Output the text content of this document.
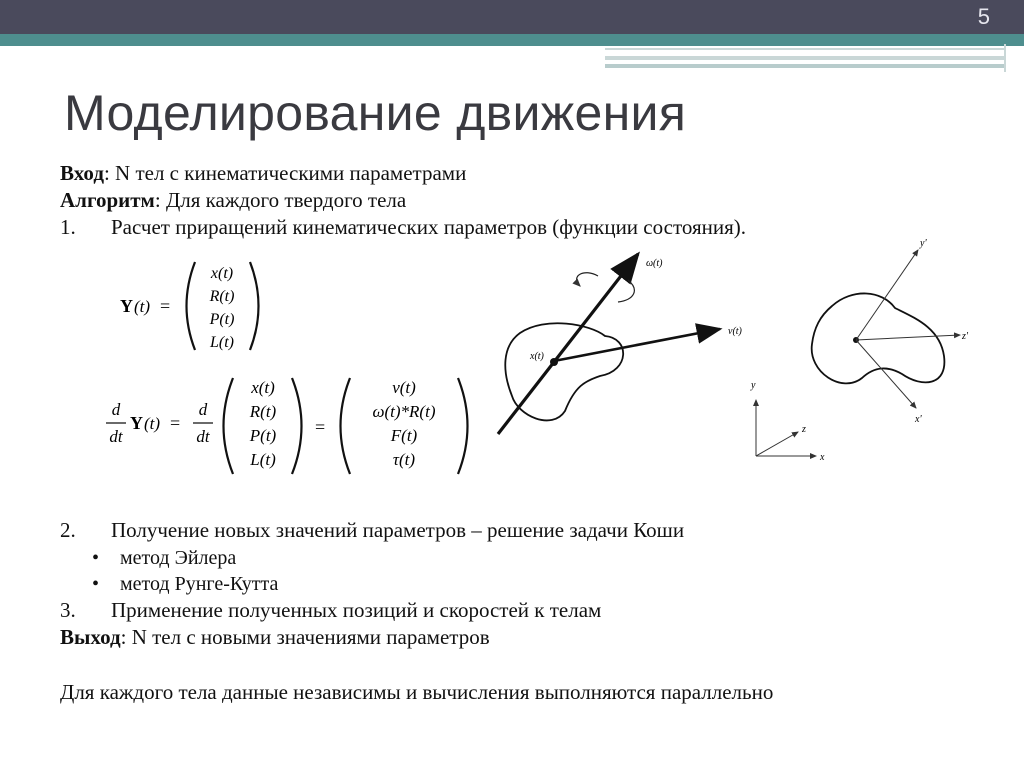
5
Моделирование движения
Вход: N тел с кинематическими параметрами
Алгоритм: Для каждого твердого тела
1. Расчет приращений кинематических параметров (функции состояния).
Y (t) =
x(t)
R(t)
P(t)
L(t)
d
dt
Y (t) =
d
dt
x(t)
R(t)
P(t)
L(t)
=
v(t)
ω(t)*R(t)
F(t)
τ(t)
ω(t)
v(t)
x(t)
y
z
x
y'
z'
x'
2. Получение новых значений параметров – решение задачи Коши
• метод Эйлера
• метод Рунге-Кутта
3. Применение полученных позиций и скоростей к телам
Выход: N тел с новыми значениями параметров
Для каждого тела данные независимы и вычисления выполняются параллельно
